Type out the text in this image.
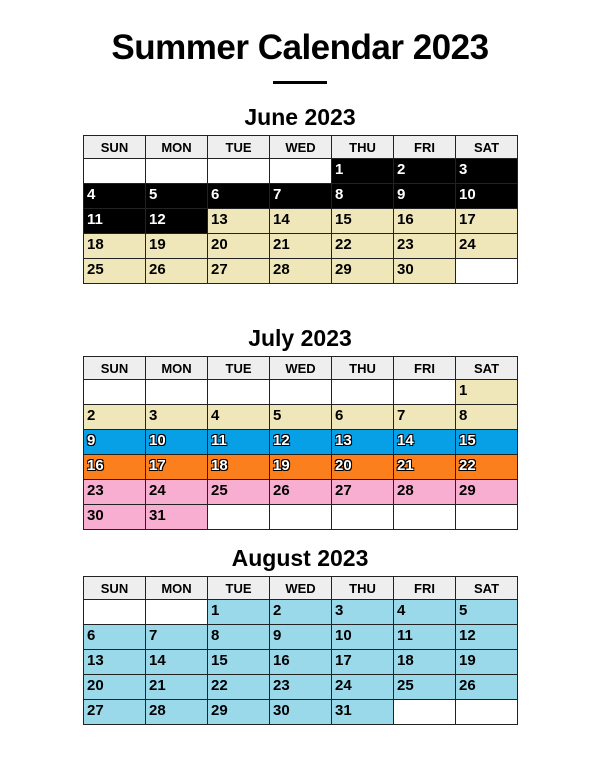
Summer Calendar 2023
June 2023
SUN	MON	TUE	WED	THU	FRI	SAT

				1	2	3

4	5	6	7	8	9	10

11	12	13	14	15	16	17

18	19	20	21	22	23	24

25	26	27	28	29	30	

July 2023
SUN	MON	TUE	WED	THU	FRI	SAT

						1

2	3	4	5	6	7	8

9	10	11	12	13	14	15

16	17	18	19	20	21	22

23	24	25	26	27	28	29

30	31					

August 2023
SUN	MON	TUE	WED	THU	FRI	SAT

		1	2	3	4	5

6	7	8	9	10	11	12

13	14	15	16	17	18	19

20	21	22	23	24	25	26

27	28	29	30	31		
